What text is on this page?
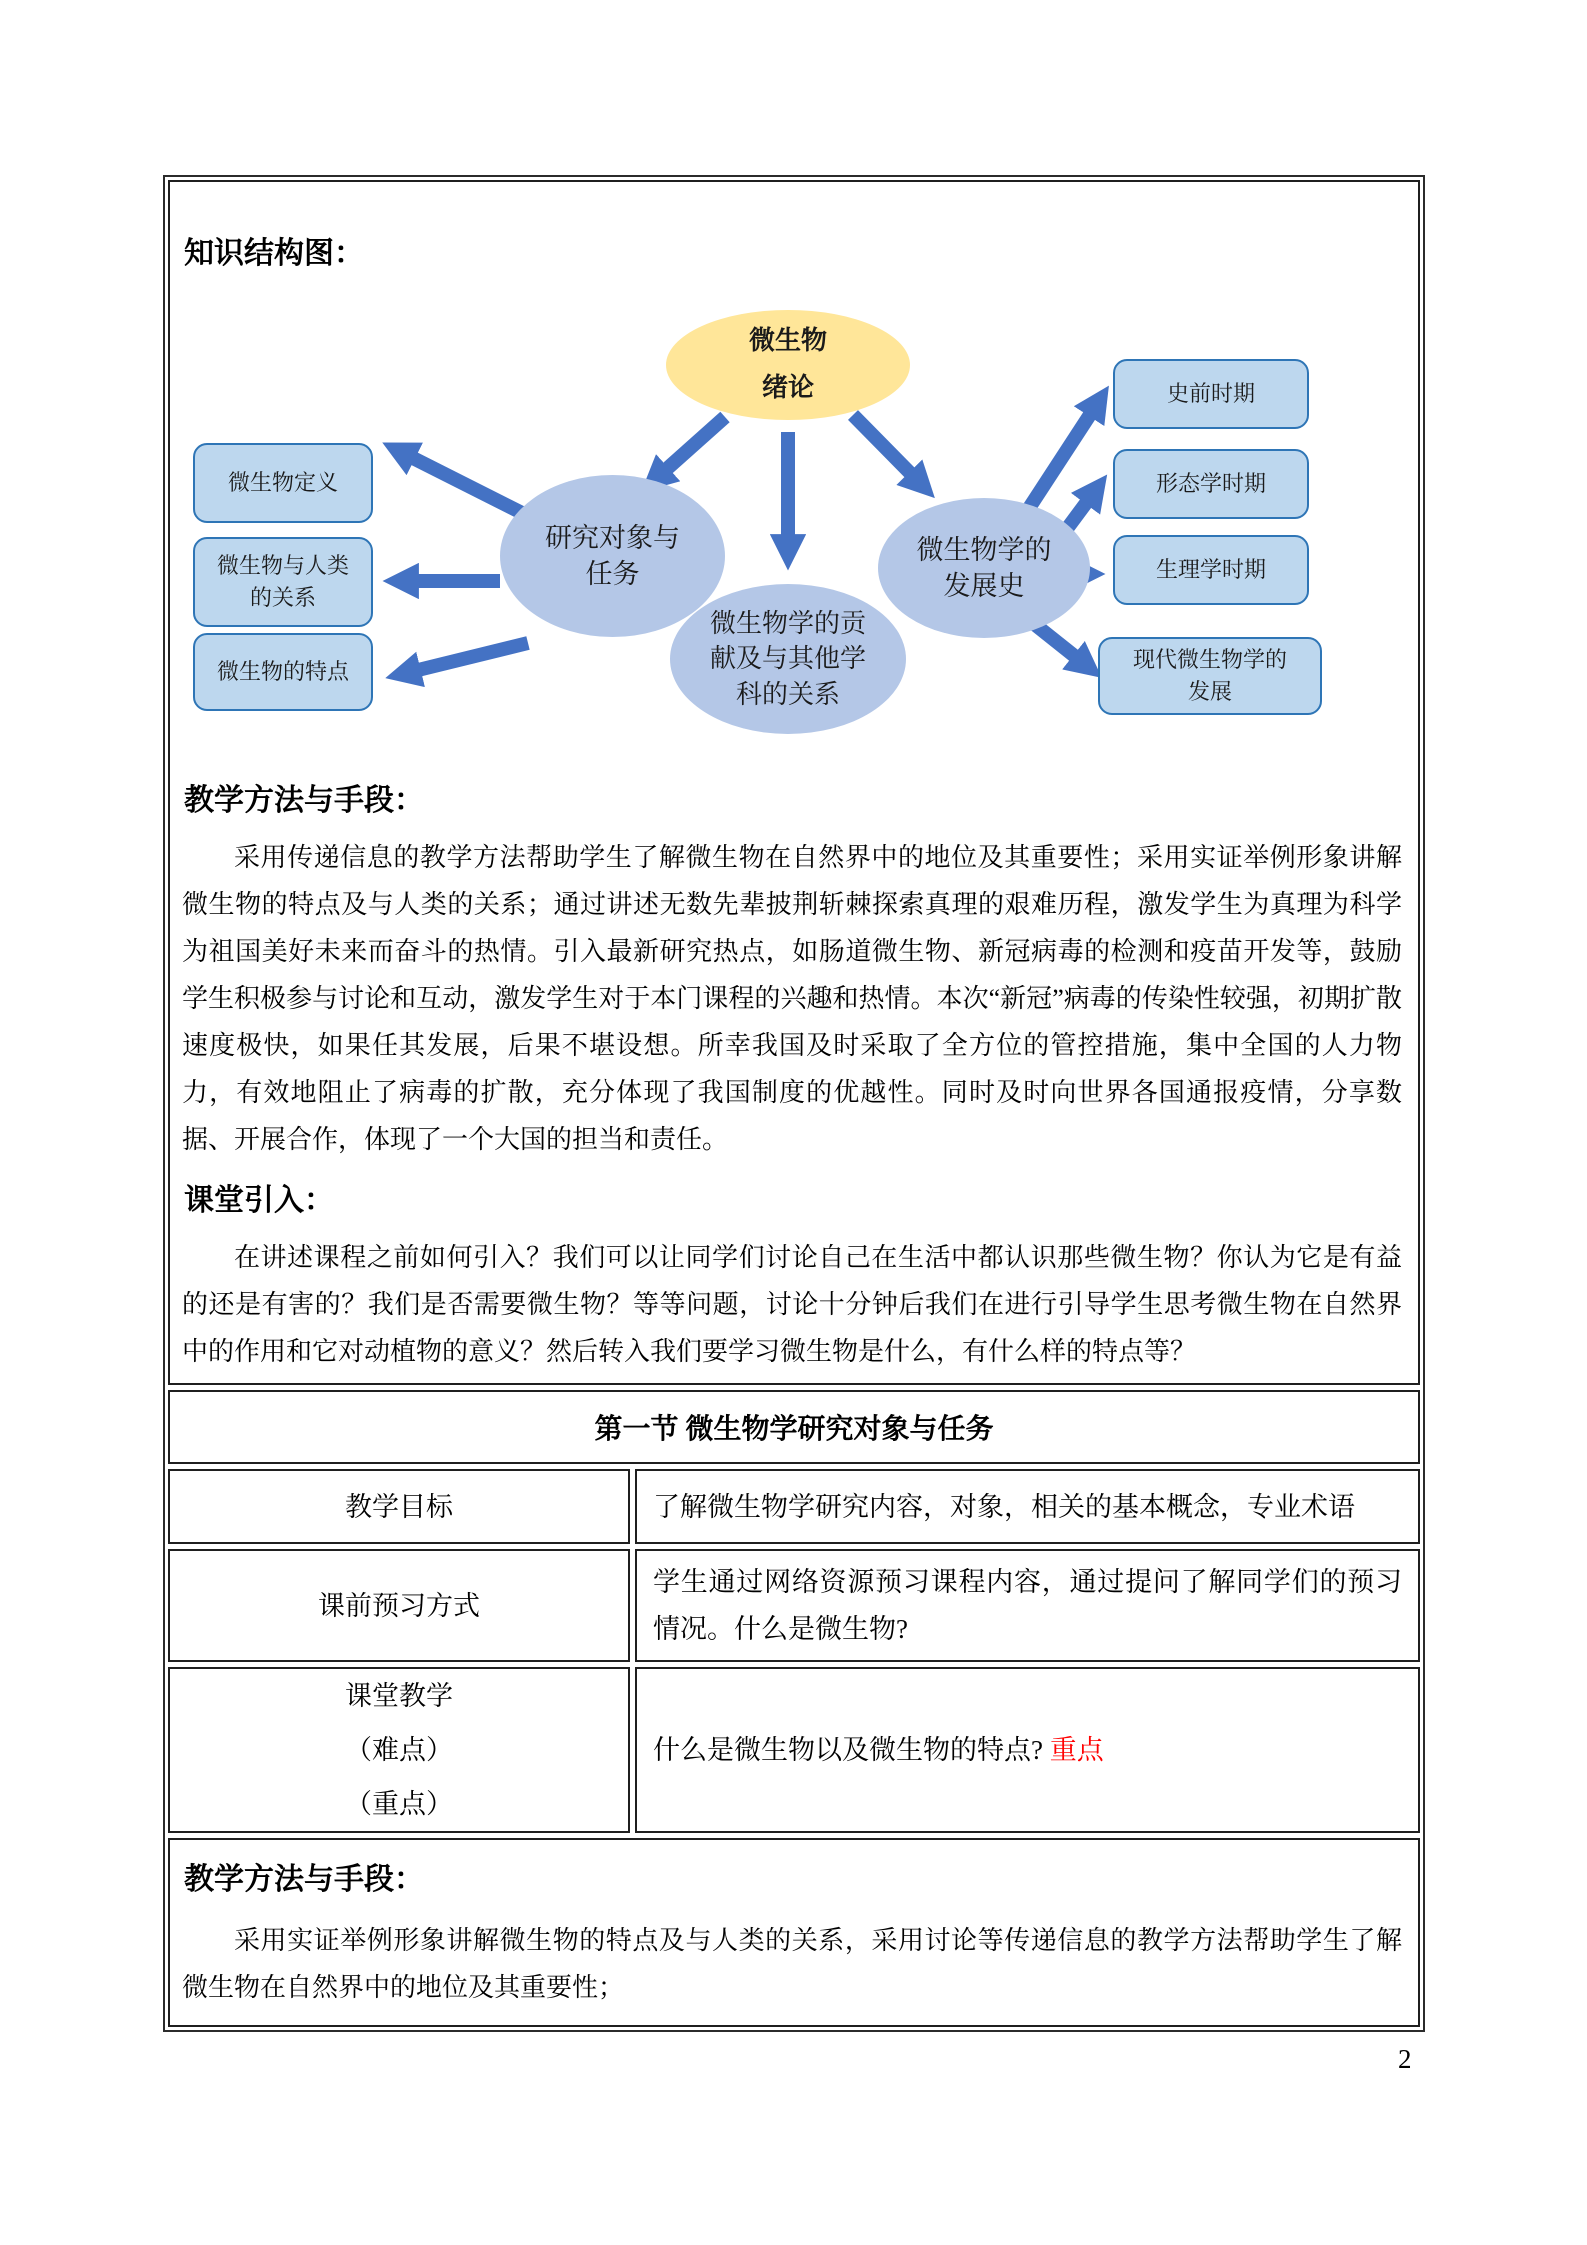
知识结构图：
微生物
绪论
研究对象与
任务
微生物学的贡
献及与其他学
科的关系
微生物学的
发展史
微生物定义
微生物与人类
的关系
微生物的特点
史前时期
形态学时期
生理学时期
现代微生物学的
发展
教学方法与手段：
采用传递信息的教学方法帮助学生了解微生物在自然界中的地位及其重要性；采用实证举例形象讲解微生物的特点及与人类的关系；通过讲述无数先辈披荆斩棘探索真理的艰难历程，激发学生为真理为科学为祖国美好未来而奋斗的热情。引入最新研究热点，如肠道微生物、新冠病毒的检测和疫苗开发等，鼓励学生积极参与讨论和互动，激发学生对于本门课程的兴趣和热情。本次“新冠”病毒的传染性较强，初期扩散速度极快，如果任其发展，后果不堪设想。所幸我国及时采取了全方位的管控措施，集中全国的人力物力，有效地阻止了病毒的扩散，充分体现了我国制度的优越性。同时及时向世界各国通报疫情，分享数据、开展合作，体现了一个大国的担当和责任。
课堂引入：
在讲述课程之前如何引入？我们可以让同学们讨论自己在生活中都认识那些微生物？你认为它是有益的还是有害的？我们是否需要微生物？等等问题，讨论十分钟后我们在进行引导学生思考微生物在自然界中的作用和它对动植物的意义？然后转入我们要学习微生物是什么，有什么样的特点等？
第一节 微生物学研究对象与任务
教学目标	了解微生物学研究内容，对象，相关的基本概念，专业术语
课前预习方式
学生通过网络资源预习课程内容，通过提问了解同学们的预习情况。什么是微生物?
课堂教学
（难点）
（重点）
什么是微生物以及微生物的特点? 重点
教学方法与手段：
采用实证举例形象讲解微生物的特点及与人类的关系，采用讨论等传递信息的教学方法帮助学生了解微生物在自然界中的地位及其重要性；
2
